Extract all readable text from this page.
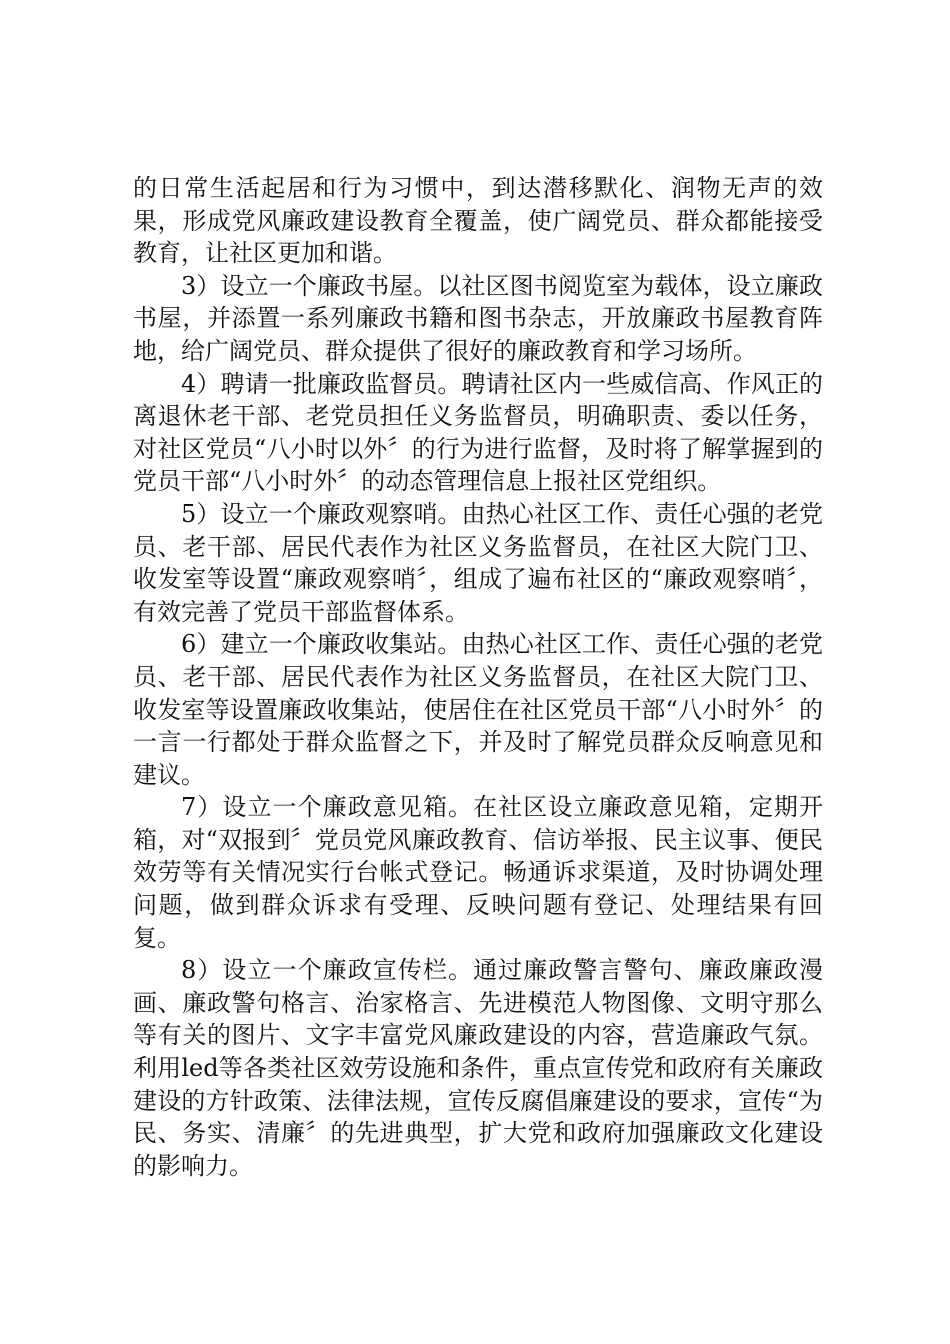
的日常生活起居和行为习惯中，到达潜移默化、润物无声的效果，形成党风廉政建设教育全覆盖，使广阔党员、群众都能接受教育，让社区更加和谐。

3）设立一个廉政书屋。以社区图书阅览室为载体，设立廉政书屋，并添置一系列廉政书籍和图书杂志，开放廉政书屋教育阵地，给广阔党员、群众提供了很好的廉政教育和学习场所。

4）聘请一批廉政监督员。聘请社区内一些威信高、作风正的离退休老干部、老党员担任义务监督员，明确职责、委以任务，对社区党员“八小时以外〞的行为进行监督，及时将了解掌握到的党员干部“八小时外〞的动态管理信息上报社区党组织。

5）设立一个廉政观察哨。由热心社区工作、责任心强的老党员、老干部、居民代表作为社区义务监督员，在社区大院门卫、收发室等设置“廉政观察哨〞，组成了遍布社区的“廉政观察哨〞，有效完善了党员干部监督体系。

6）建立一个廉政收集站。由热心社区工作、责任心强的老党员、老干部、居民代表作为社区义务监督员，在社区大院门卫、收发室等设置廉政收集站，使居住在社区党员干部“八小时外〞的一言一行都处于群众监督之下，并及时了解党员群众反响意见和建议。

7）设立一个廉政意见箱。在社区设立廉政意见箱，定期开箱，对“双报到〞党员党风廉政教育、信访举报、民主议事、便民效劳等有关情况实行台帐式登记。畅通诉求渠道，及时协调处理问题，做到群众诉求有受理、反映问题有登记、处理结果有回复。

8）设立一个廉政宣传栏。通过廉政警言警句、廉政廉政漫画、廉政警句格言、治家格言、先进模范人物图像、文明守那么等有关的图片、文字丰富党风廉政建设的内容，营造廉政气氛。利用led等各类社区效劳设施和条件，重点宣传党和政府有关廉政建设的方针政策、法律法规，宣传反腐倡廉建设的要求，宣传“为民、务实、清廉〞的先进典型，扩大党和政府加强廉政文化建设的影响力。
